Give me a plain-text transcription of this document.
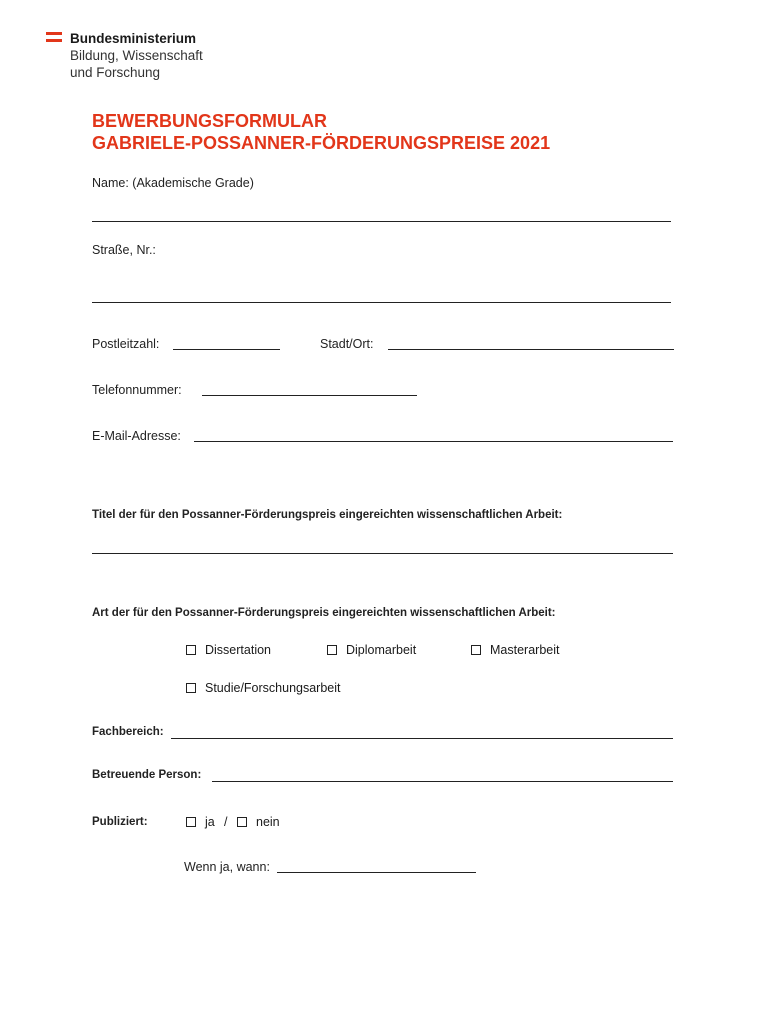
Bundesministerium
Bildung, Wissenschaft
und Forschung
BEWERBUNGSFORMULAR
GABRIELE-POSSANNER-FÖRDERUNGSPREISE 2021
Name: (Akademische Grade)
Straße, Nr.:
Postleitzahl:	Stadt/Ort:
Telefonnummer:
E-Mail-Adresse:
Titel der für den Possanner-Förderungspreis eingereichten wissenschaftlichen Arbeit:
Art der für den Possanner-Förderungspreis eingereichten wissenschaftlichen Arbeit:
Dissertation	Diplomarbeit	Masterarbeit
Studie/Forschungsarbeit
Fachbereich:
Betreuende Person:
Publiziert:	ja / nein
Wenn ja, wann:
